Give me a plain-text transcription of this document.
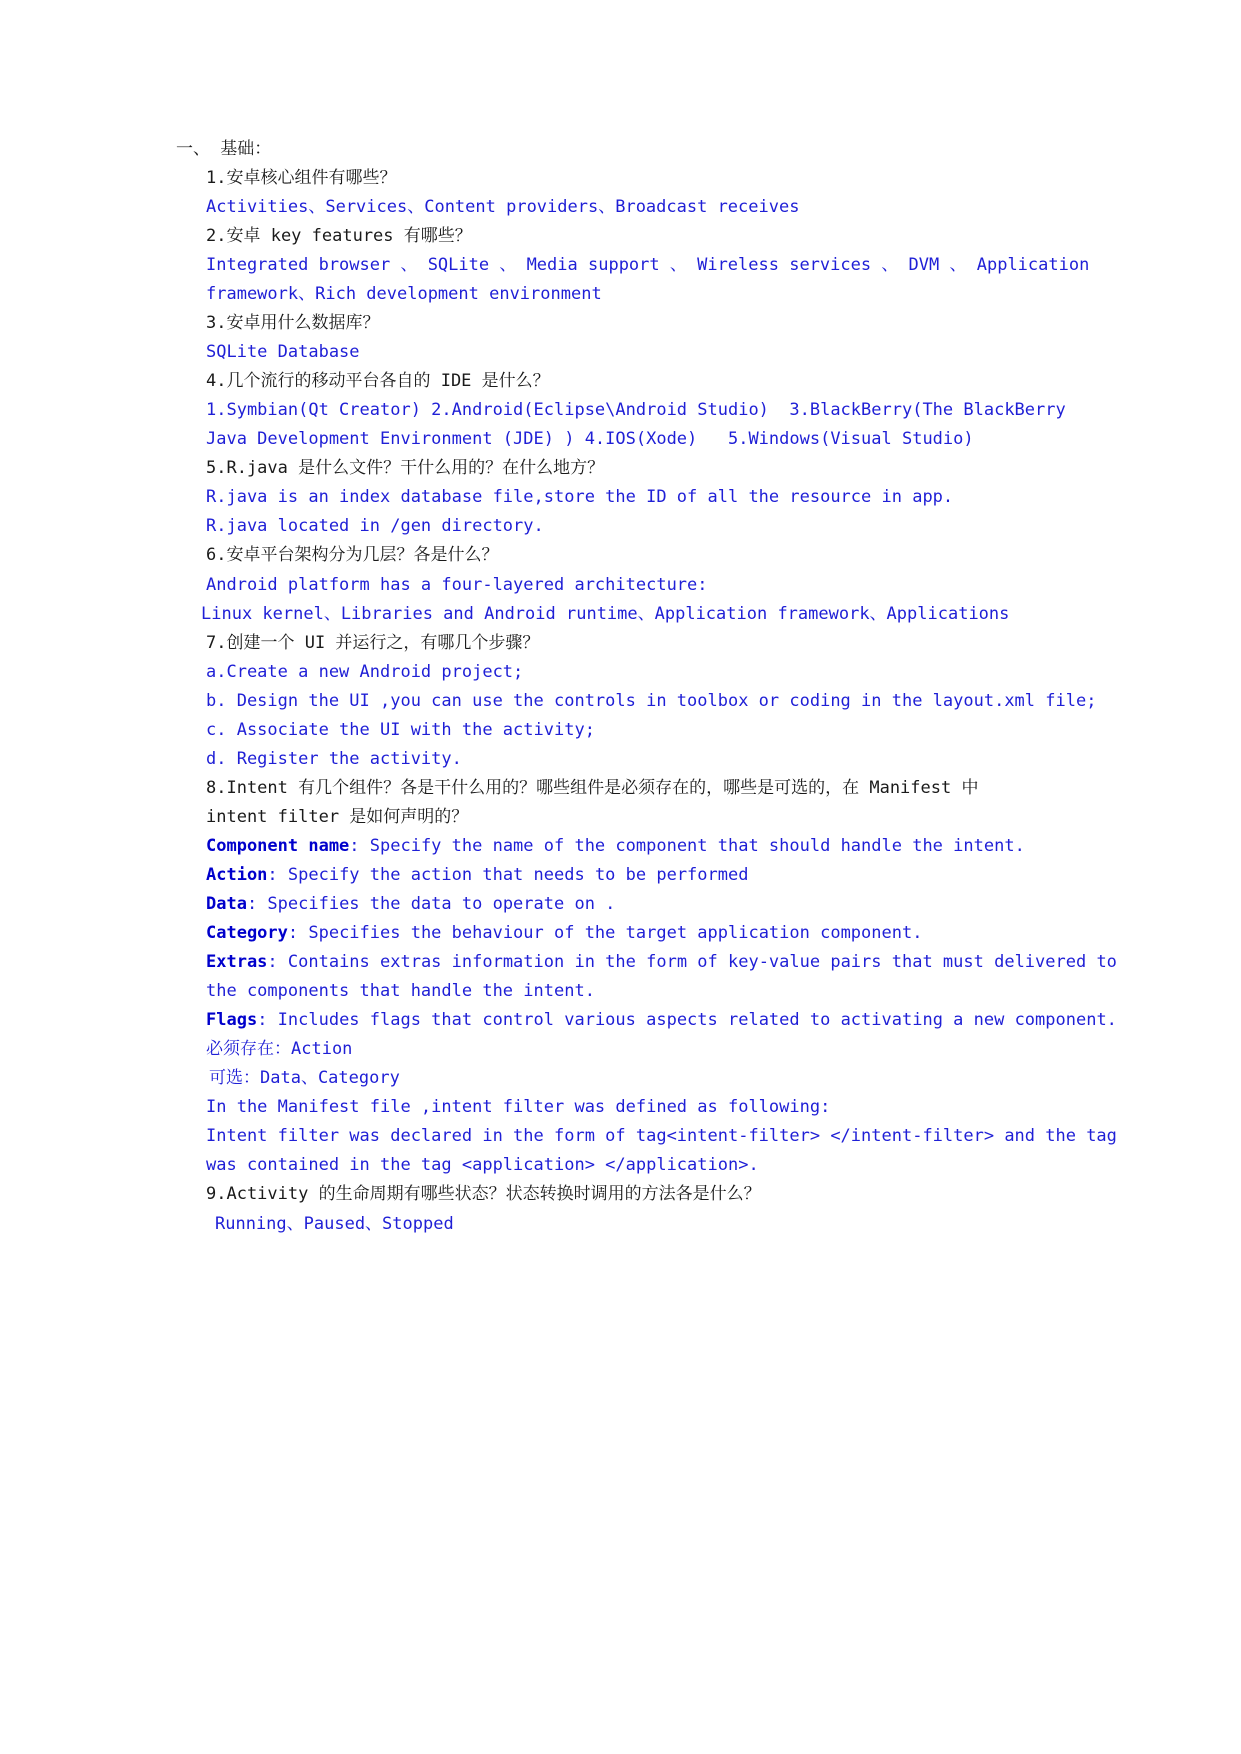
一、 基础：
1.安卓核心组件有哪些？
Activities、Services、Content providers、Broadcast receives
2.安卓 key features 有哪些？
Integrated browser 、 SQLite 、 Media support 、 Wireless services 、 DVM 、 Application
framework、Rich development environment
3.安卓用什么数据库？
SQLite Database
4.几个流行的移动平台各自的 IDE 是什么？
1.Symbian(Qt Creator) 2.Android(Eclipse\Android Studio)  3.BlackBerry(The BlackBerry
Java Development Environment (JDE) ) 4.IOS(Xode)   5.Windows(Visual Studio)
5.R.java 是什么文件？干什么用的？在什么地方？
R.java is an index database file,store the ID of all the resource in app.
R.java located in /gen directory.
6.安卓平台架构分为几层？各是什么？
Android platform has a four-layered architecture:
Linux kernel、Libraries and Android runtime、Application framework、Applications
7.创建一个 UI 并运行之，有哪几个步骤？
a.Create a new Android project;
b. Design the UI ,you can use the controls in toolbox or coding in the layout.xml file;
c. Associate the UI with the activity;
d. Register the activity.
8.Intent 有几个组件？各是干什么用的？哪些组件是必须存在的，哪些是可选的，在 Manifest 中
intent filter 是如何声明的？
Component name: Specify the name of the component that should handle the intent.
Action: Specify the action that needs to be performed
Data: Specifies the data to operate on .
Category: Specifies the behaviour of the target application component.
Extras: Contains extras information in the form of key-value pairs that must delivered to
the components that handle the intent.
Flags: Includes flags that control various aspects related to activating a new component.
必须存在：Action
可选：Data、Category
In the Manifest file ,intent filter was defined as following:
Intent filter was declared in the form of tag<intent-filter> </intent-filter> and the tag
was contained in the tag <application> </application>.
9.Activity 的生命周期有哪些状态？状态转换时调用的方法各是什么？
Running、Paused、Stopped
